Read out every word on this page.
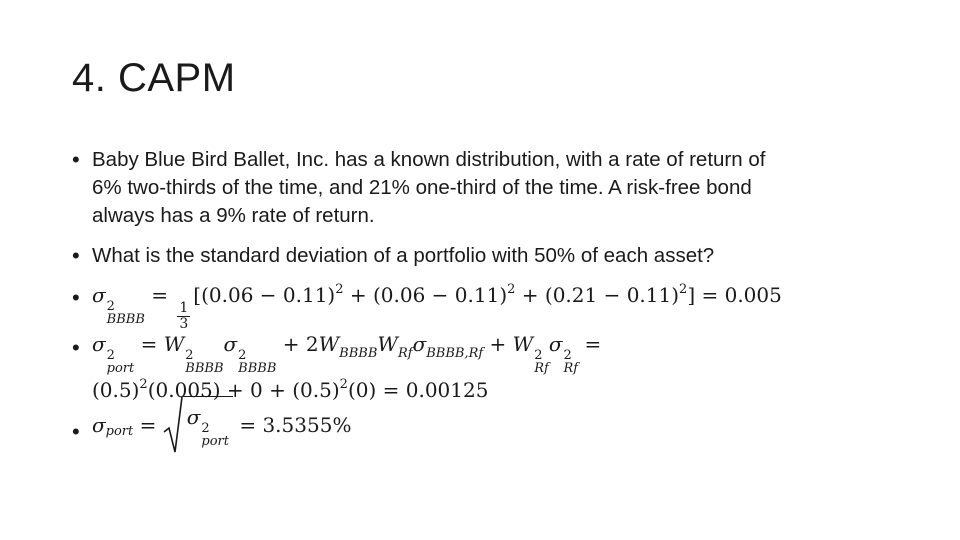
4. CAPM
• Baby Blue Bird Ballet, Inc. has a known distribution, with a rate of return of
6% two-thirds of the time, and 21% one-third of the time. A risk-free bond
always has a 9% rate of return.
• What is the standard deviation of a portfolio with 50% of each asset?
• σ 2
BBBB
=
$\frac{1}{3}$
$[(0.06 - 0.11)^2 + (0.06 - 0.11)^2 + (0.21 - 0.11)^2] = 0.005$
• σ 2
port
= W 2
BBBB
σ 2
BBBB
+ $2W_{BBBB}W_{Rf}\sigma_{BBBB,Rf} + W$ 2
Rf
σ 2
Rf
=
$(0.5)^2(0.005) + 0 + (0.5)^2(0) = 0.00125$
• $\sigma_{port} = \sigma$ 2
port
= 3.5355%
